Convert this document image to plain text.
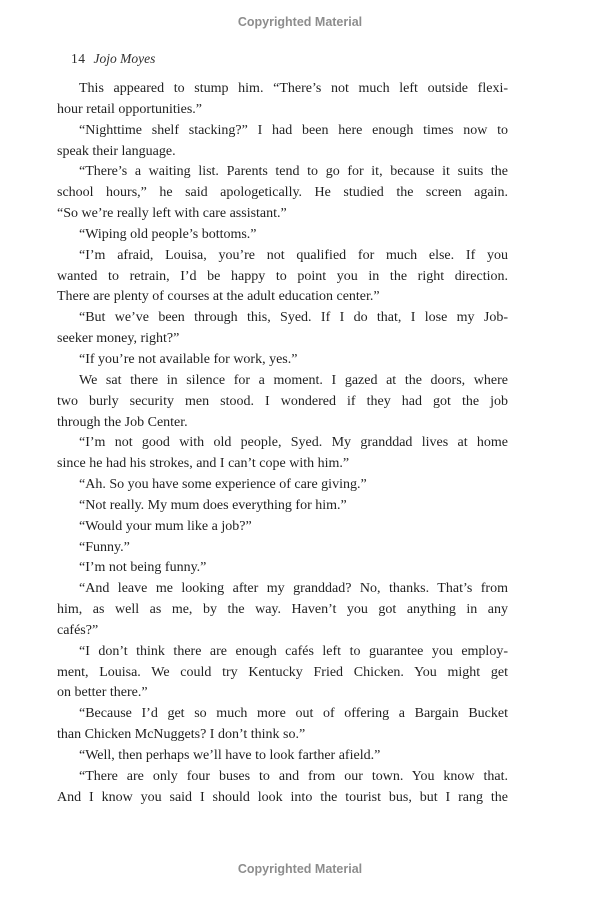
Copyrighted Material
14 Jojo Moyes
This appeared to stump him. “There’s not much left outside flexi-
hour retail opportunities.”
“Nighttime shelf stacking?” I had been here enough times now to
speak their language.
“There’s a waiting list. Parents tend to go for it, because it suits the
school hours,” he said apologetically. He studied the screen again.
“So we’re really left with care assistant.”
“Wiping old people’s bottoms.”
“I’m afraid, Louisa, you’re not qualified for much else. If you
wanted to retrain, I’d be happy to point you in the right direction.
There are plenty of courses at the adult education center.”
“But we’ve been through this, Syed. If I do that, I lose my Job-
seeker money, right?”
“If you’re not available for work, yes.”
We sat there in silence for a moment. I gazed at the doors, where
two burly security men stood. I wondered if they had got the job
through the Job Center.
“I’m not good with old people, Syed. My granddad lives at home
since he had his strokes, and I can’t cope with him.”
“Ah. So you have some experience of care giving.”
“Not really. My mum does everything for him.”
“Would your mum like a job?”
“Funny.”
“I’m not being funny.”
“And leave me looking after my granddad? No, thanks. That’s from
him, as well as me, by the way. Haven’t you got anything in any
cafés?”
“I don’t think there are enough cafés left to guarantee you employ-
ment, Louisa. We could try Kentucky Fried Chicken. You might get
on better there.”
“Because I’d get so much more out of offering a Bargain Bucket
than Chicken McNuggets? I don’t think so.”
“Well, then perhaps we’ll have to look farther afield.”
“There are only four buses to and from our town. You know that.
And I know you said I should look into the tourist bus, but I rang the
Copyrighted Material
